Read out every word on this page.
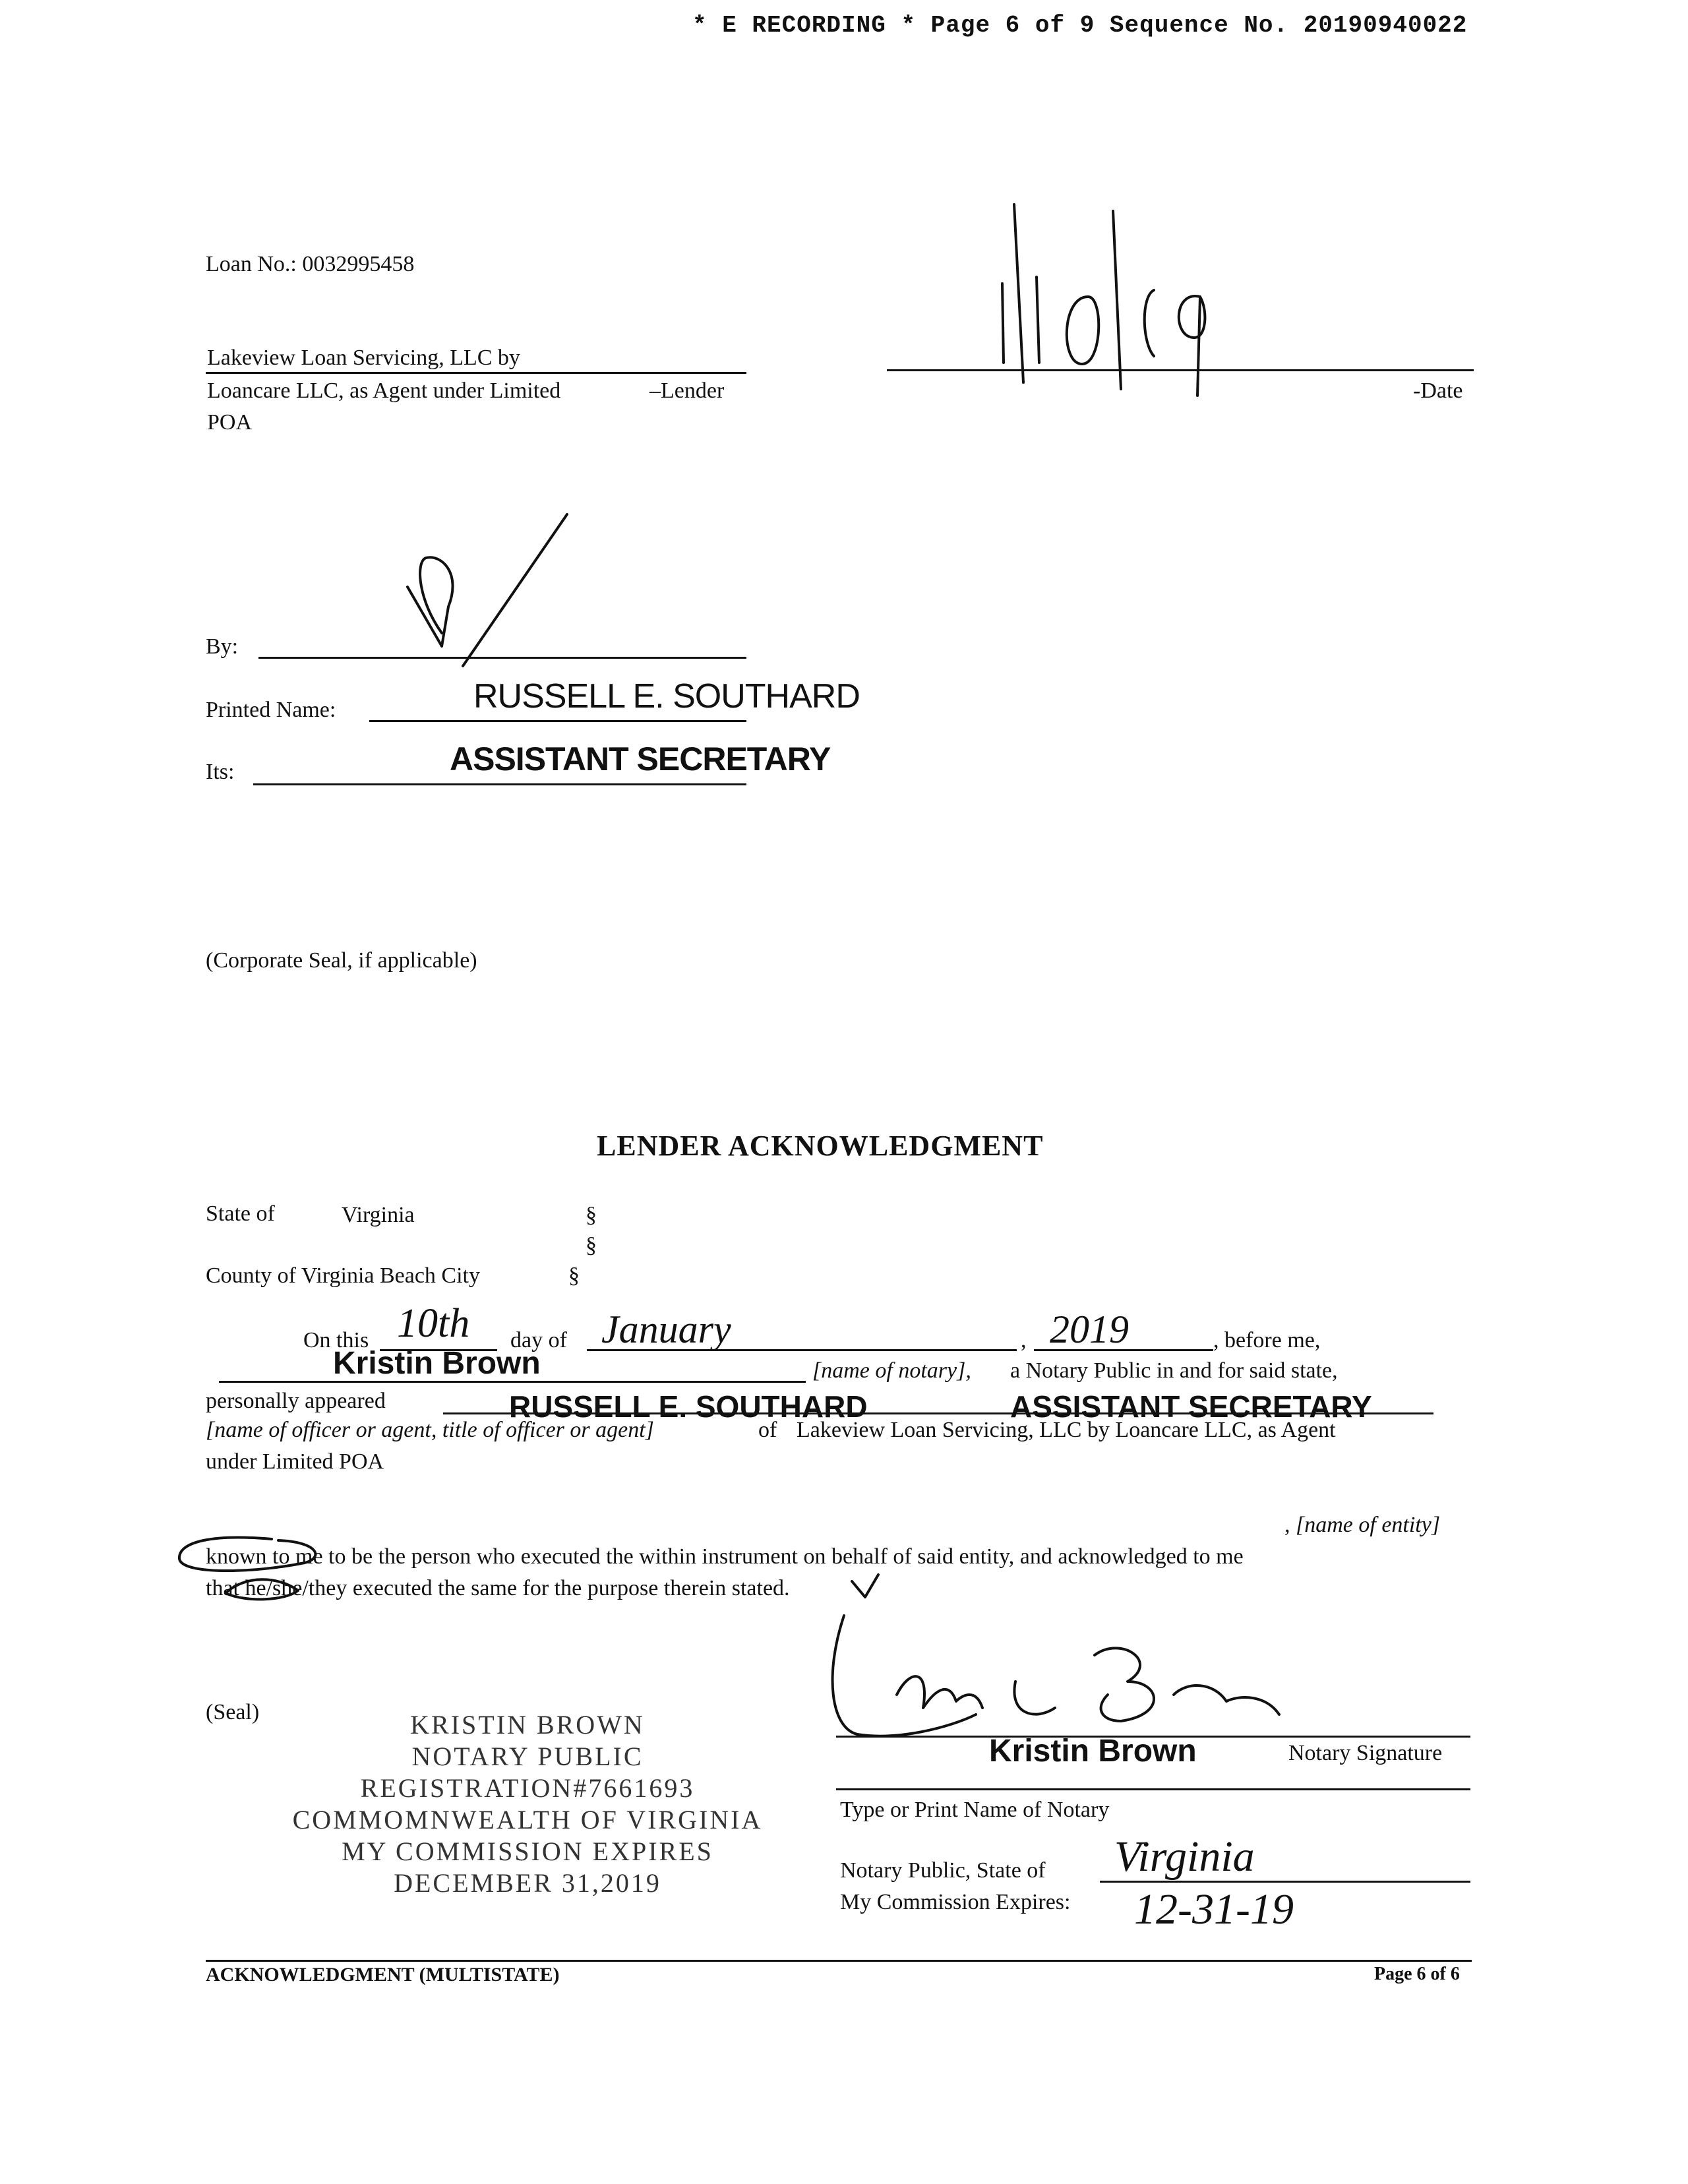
* E RECORDING * Page 6 of 9 Sequence No. 20190940022
Loan No.: 0032995458
Lakeview Loan Servicing, LLC by
Loancare LLC, as Agent under Limited	–Lender
POA
-Date
By:
Printed Name:	RUSSELL E. SOUTHARD
Its:	ASSISTANT SECRETARY
(Corporate Seal, if applicable)
LENDER ACKNOWLEDGMENT
State of	Virginia	§
§
County of Virginia Beach City	§
On this 10th day of January	, 2019	, before me,
Kristin Brown	[name of notary], a Notary Public in and for said state,
personally appeared	RUSSELL E. SOUTHARD	ASSISTANT SECRETARY
[name of officer or agent, title of officer or agent]	of Lakeview Loan Servicing, LLC by Loancare LLC, as Agent
under Limited POA
, [name of entity]
known to me to be the person who executed the within instrument on behalf of said entity, and acknowledged to me
that he/she/they executed the same for the purpose therein stated.
(Seal)	KRISTIN BROWN
NOTARY PUBLIC
REGISTRATION#7661693
COMMOMNWEALTH OF VIRGINIA
MY COMMISSION EXPIRES
DECEMBER 31,2019
Kristin Brown	Notary Signature
Type or Print Name of Notary
Notary Public, State of Virginia
My Commission Expires: 12-31-19
ACKNOWLEDGMENT (MULTISTATE)	Page 6 of 6
